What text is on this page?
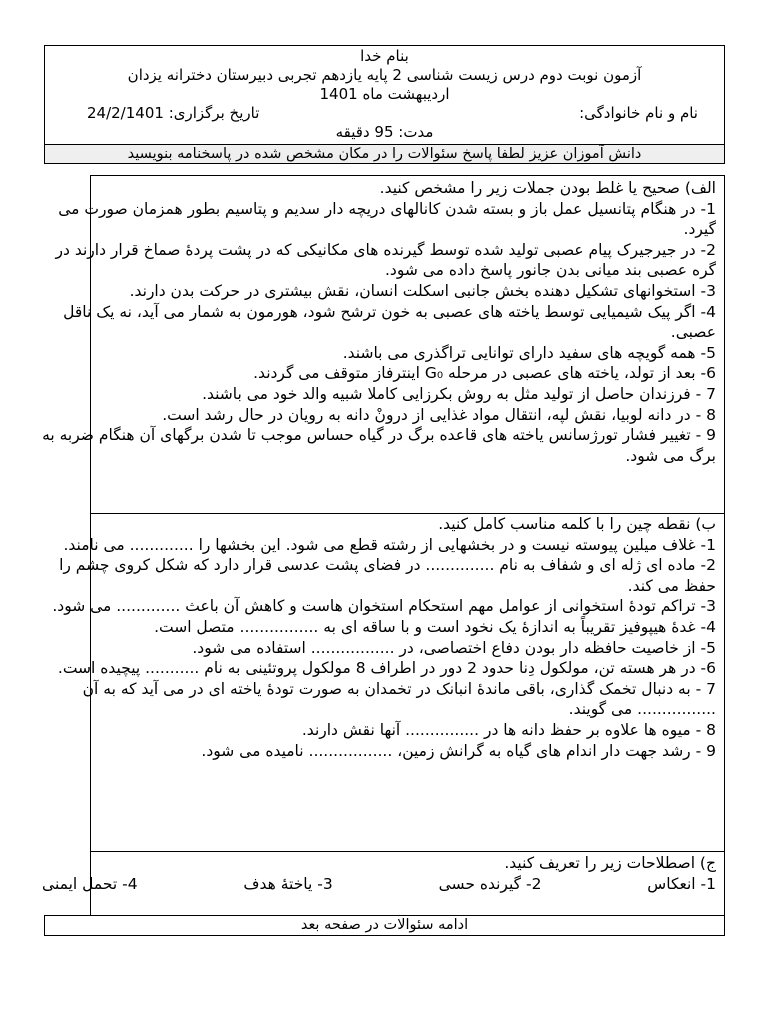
بنام خدا
آزمون نوبت دوم درس زیست شناسی 2 پایه یازدهم تجربی دبیرستان دخترانه یزدان
اردیبهشت ماه 1401
نام و نام خانوادگی:
تاریخ برگزاری: 24/2/1401
مدت: 95 دقیقه
دانش آموزان عزیز لطفا پاسخ سئوالات را در مکان مشخص شده در پاسخنامه بنویسید

الف) صحیح یا غلط بودن جملات زیر را مشخص کنید.

1- در هنگام پتانسیل عمل باز و بسته شدن کانالهای دریچه دار سدیم و پتاسیم بطور همزمان صورت می گیرد.

2- در جیرجیرک پیام عصبی تولید شده توسط گیرنده های مکانیکی که در پشت پردۀ صماخ قرار دارند در گره عصبی بند میانی بدن جانور پاسخ داده می شود.

3- استخوانهای تشکیل دهنده بخش جانبی اسکلت انسان، نقش بیشتری در حرکت بدن دارند.

4- اگر پیک شیمیایی توسط یاخته های عصبی به خون ترشح شود، هورمون به شمار می آید، نه یک ناقل عصبی.

5- همه گویچه های سفید دارای توانایی تراگذری می باشند.

6- بعد از تولد، یاخته های عصبی در مرحله G₀ اینترفاز متوقف می گردند.

7 - فرزندان حاصل از تولید مثل به روش بکرزایی کاملا شبیه والد خود می باشند.

8 - در دانه لوبیا، نقش لپه، انتقال مواد غذایی از درونْ دانه به رویان در حال رشد است.

9 - تغییر فشار تورژسانس یاخته های قاعده برگ در گیاه حساس موجب تا شدن برگهای آن هنگام ضربه به برگ می شود.

ب) نقطه چین را با کلمه مناسب کامل کنید.

1- غلاف میلین پیوسته نیست و در بخشهایی از رشته قطع می شود. این بخشها را ............. می نامند.

2- ماده ای ژله ای و شفاف به نام .............. در فضای پشت عدسی قرار دارد که شکل کروی چشم را حفظ می کند.

3- تراکم تودۀ استخوانی از عوامل مهم استحکام استخوان هاست و کاهش آن باعث ............. می شود.

4- غدۀ هیپوفیز تقریباً به اندازۀ یک نخود است و با ساقه ای به ................ متصل است.

5- از خاصیت حافظه دار بودن دفاع اختصاصی، در ................. استفاده می شود.

6- در هر هسته تن، مولکول دِنا حدود 2 دور در اطراف 8 مولکول پروتئینی به نام ........... پیچیده است.

7 - به دنبال تخمک گذاری، باقی ماندۀ انبانک در تخمدان به صورت تودۀ یاخته ای در می آید که به آن ................ می گویند.

8 - میوه ها علاوه بر حفظ دانه ها در ............... آنها نقش دارند.

9 - رشد جهت دار اندام های گیاه به گرانش زمین، ................. نامیده می شود.

ج) اصطلاحات زیر را تعریف کنید.

1- انعکاس
2- گیرنده حسی
3- یاختۀ هدف
4- تحمل ایمنی
ادامه سئوالات در صفحه بعد
